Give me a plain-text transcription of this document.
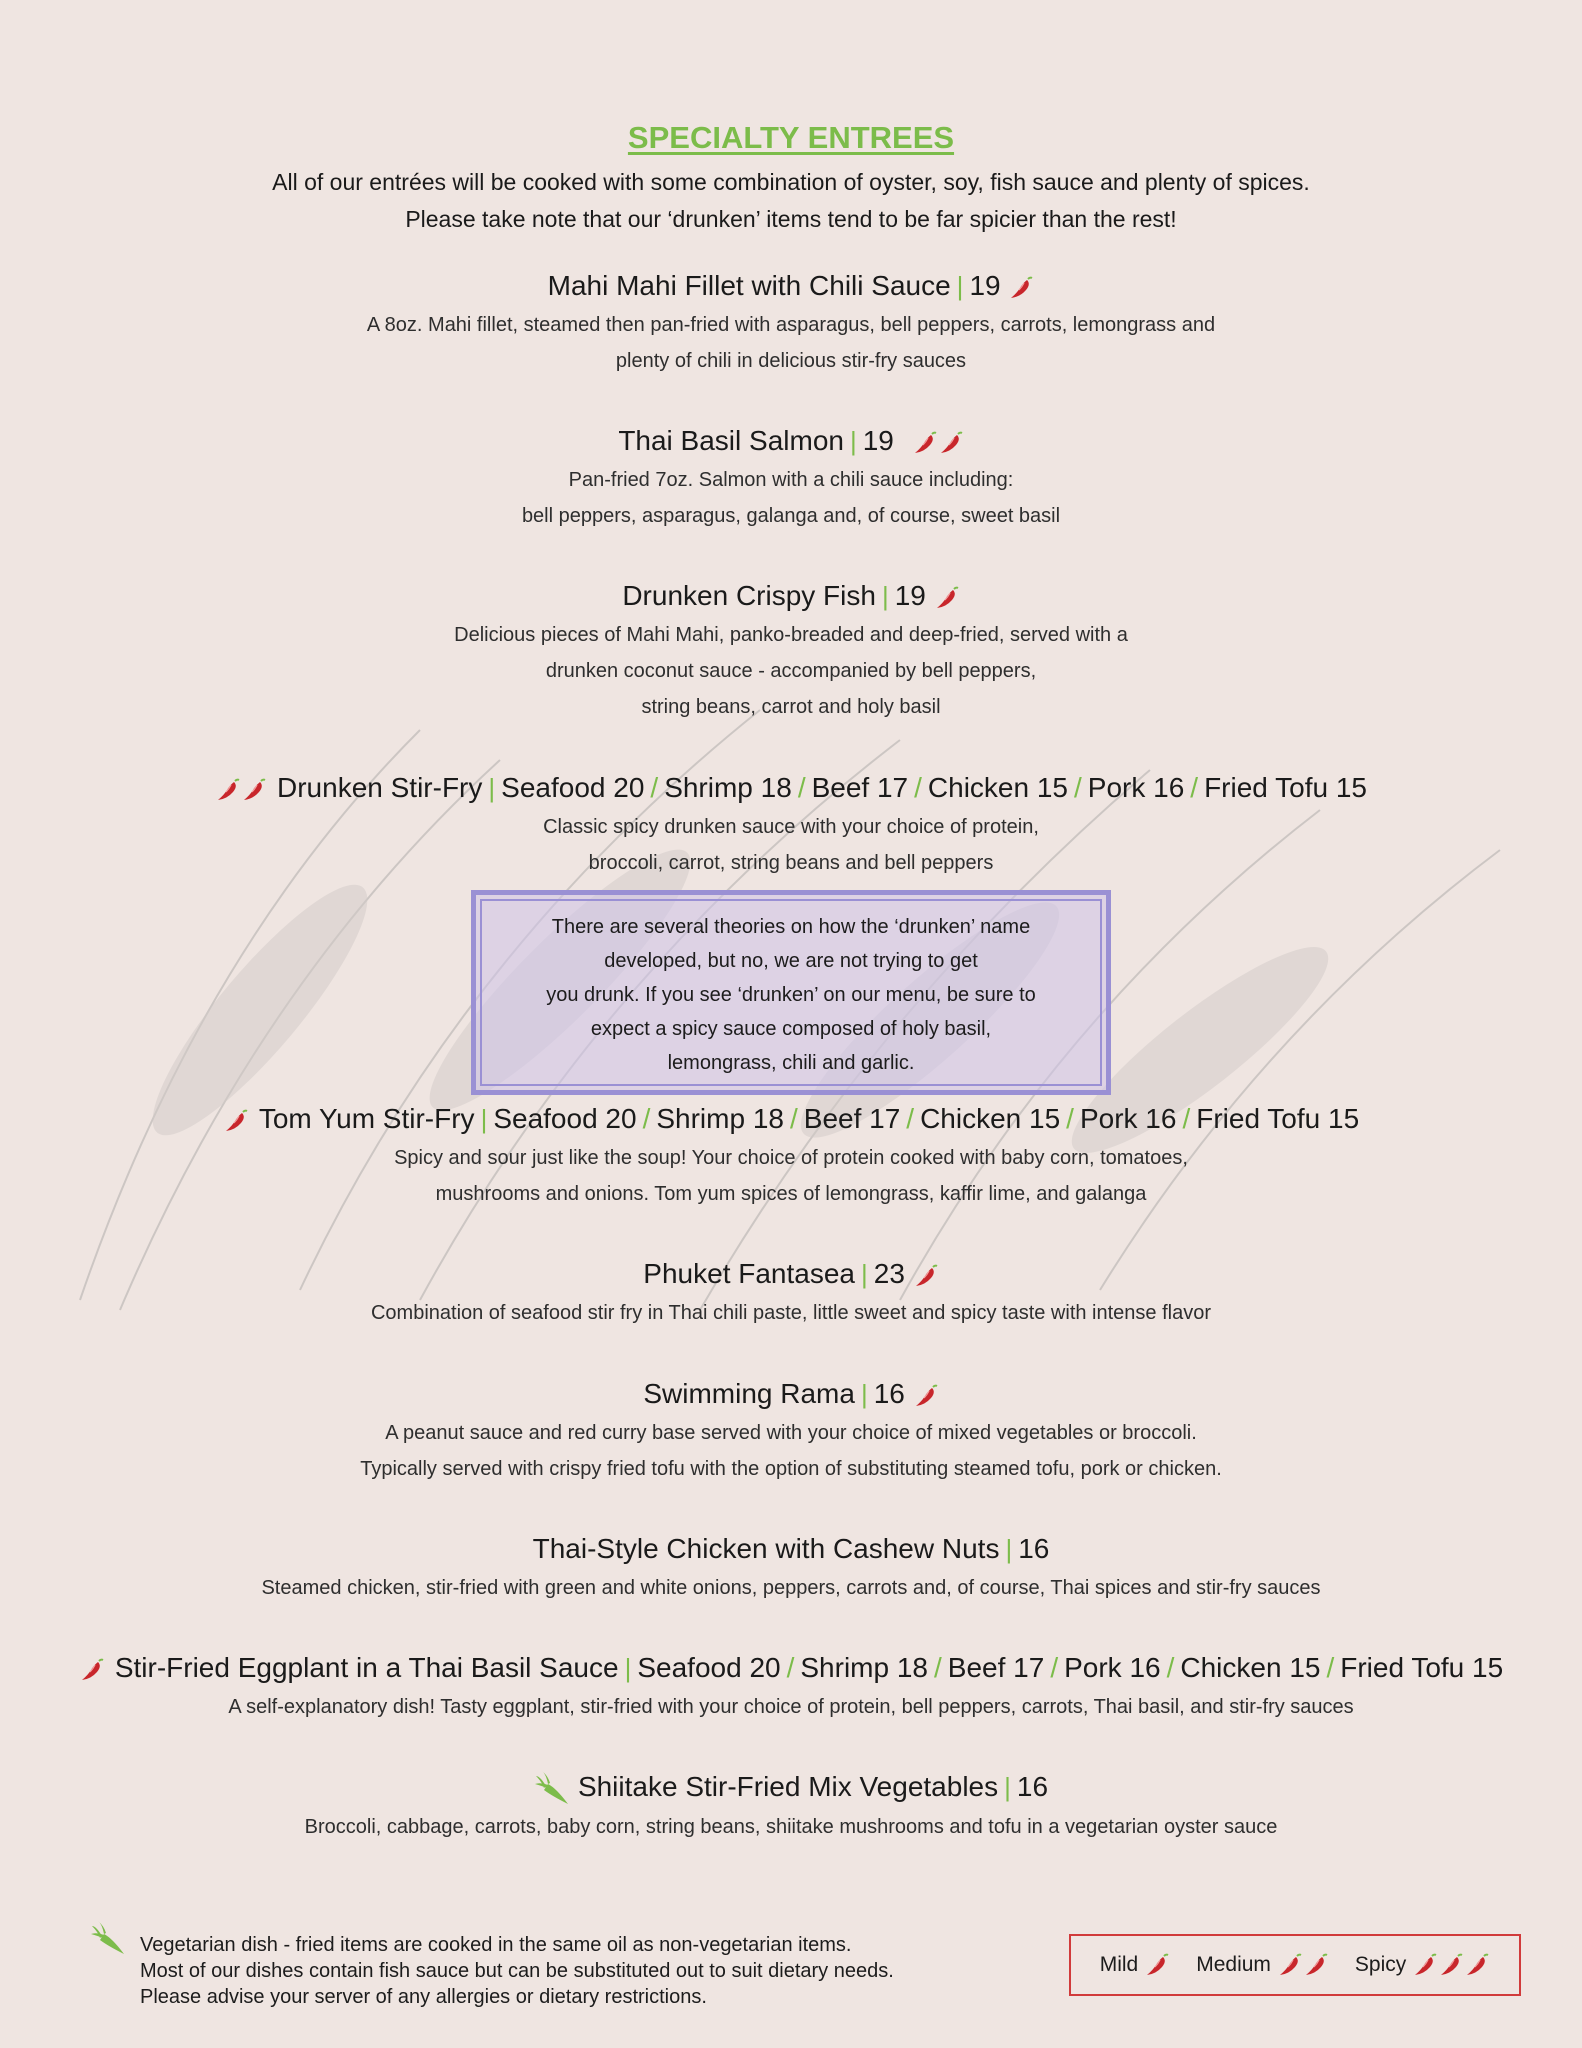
SPECIALTY ENTREES
All of our entrées will be cooked with some combination of oyster, soy, fish sauce and plenty of spices.
Please take note that our ‘drunken’ items tend to be far spicier than the rest!
Mahi Mahi Fillet with Chili Sauce | 19
A 8oz. Mahi fillet, steamed then pan-fried with asparagus, bell peppers, carrots, lemongrass and
plenty of chili in delicious stir-fry sauces
Thai Basil Salmon | 19
Pan-fried 7oz. Salmon with a chili sauce including:
bell peppers, asparagus, galanga and, of course, sweet basil
Drunken Crispy Fish | 19
Delicious pieces of Mahi Mahi, panko-breaded and deep-fried, served with a
drunken coconut sauce - accompanied by bell peppers,
string beans, carrot and holy basil
Drunken Stir-Fry | Seafood 20 / Shrimp 18 / Beef 17 / Chicken 15 / Pork 16 / Fried Tofu 15
Classic spicy drunken sauce with your choice of protein,
broccoli, carrot, string beans and bell peppers
There are several theories on how the ‘drunken’ name
developed, but no, we are not trying to get
you drunk. If you see ‘drunken’ on our menu, be sure to
expect a spicy sauce composed of holy basil,
lemongrass, chili and garlic.
Tom Yum Stir-Fry | Seafood 20 / Shrimp 18 / Beef 17 / Chicken 15 / Pork 16 / Fried Tofu 15
Spicy and sour just like the soup! Your choice of protein cooked with baby corn, tomatoes,
mushrooms and onions. Tom yum spices of lemongrass, kaffir lime, and galanga
Phuket Fantasea | 23
Combination of seafood stir fry in Thai chili paste, little sweet and spicy taste with intense flavor
Swimming Rama | 16
A peanut sauce and red curry base served with your choice of mixed vegetables or broccoli.
Typically served with crispy fried tofu with the option of substituting steamed tofu, pork or chicken.
Thai-Style Chicken with Cashew Nuts | 16
Steamed chicken, stir-fried with green and white onions, peppers, carrots and, of course, Thai spices and stir-fry sauces
Stir-Fried Eggplant in a Thai Basil Sauce | Seafood 20 / Shrimp 18 / Beef 17 / Pork 16 / Chicken 15 / Fried Tofu 15
A self-explanatory dish! Tasty eggplant, stir-fried with your choice of protein, bell peppers, carrots, Thai basil, and stir-fry sauces
Shiitake Stir-Fried Mix Vegetables | 16
Broccoli, cabbage, carrots, baby corn, string beans, shiitake mushrooms and tofu in a vegetarian oyster sauce
Vegetarian dish - fried items are cooked in the same oil as non-vegetarian items.
Most of our dishes contain fish sauce but can be substituted out to suit dietary needs.
Please advise your server of any allergies or dietary restrictions.
Mild	Medium	Spicy
